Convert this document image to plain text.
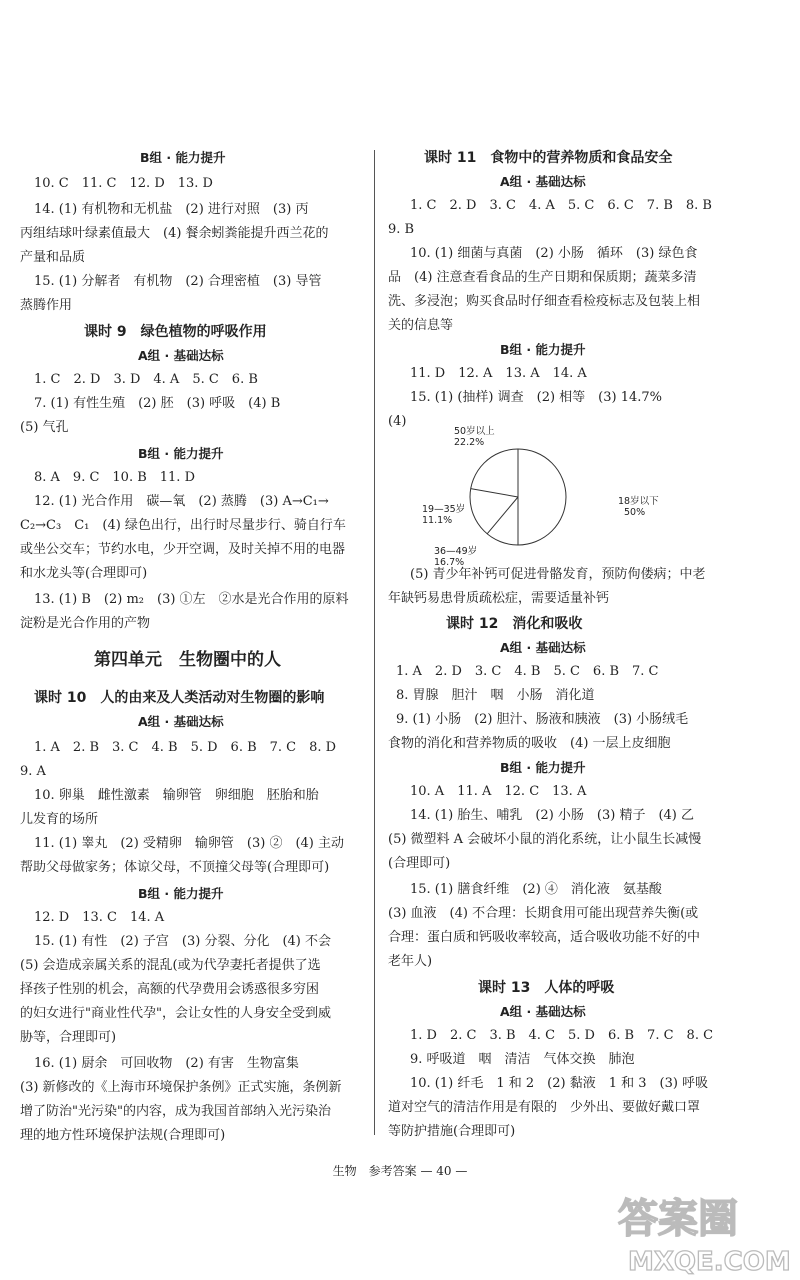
B组 · 能力提升
10. C　11. C　12. D　13. D
14. (1) 有机物和无机盐　(2) 进行对照　(3) 丙
丙组结球叶绿素值最大　(4) 餐余蚓粪能提升西兰花的
产量和品质
15. (1) 分解者　有机物　(2) 合理密植　(3) 导管
蒸腾作用
课时 9　绿色植物的呼吸作用
A组 · 基础达标
1. C　2. D　3. D　4. A　5. C　6. B
7. (1) 有性生殖　(2) 胚　(3) 呼吸　(4) B
(5) 气孔
B组 · 能力提升
8. A　9. C　10. B　11. D
12. (1) 光合作用　碳—氧　(2) 蒸腾　(3) A→C₁→
C₂→C₃　C₁　(4) 绿色出行，出行时尽量步行、骑自行车
或坐公交车；节约水电，少开空调，及时关掉不用的电器
和水龙头等(合理即可)
13. (1) B　(2) m₂　(3) ①左　②水是光合作用的原料
淀粉是光合作用的产物
第四单元　生物圈中的人
课时 10　人的由来及人类活动对生物圈的影响
A组 · 基础达标
1. A　2. B　3. C　4. B　5. D　6. B　7. C　8. D
9. A
10. 卵巢　雌性激素　输卵管　卵细胞　胚胎和胎
儿发育的场所
11. (1) 睾丸　(2) 受精卵　输卵管　(3) ②　(4) 主动
帮助父母做家务；体谅父母，不顶撞父母等(合理即可)
B组 · 能力提升
12. D　13. C　14. A
15. (1) 有性　(2) 子宫　(3) 分裂、分化　(4) 不会
(5) 会造成亲属关系的混乱(或为代孕妻托者提供了选
择孩子性别的机会，高额的代孕费用会诱惑很多穷困
的妇女进行"商业性代孕"，会让女性的人身安全受到威
胁等，合理即可)
16. (1) 厨余　可回收物　(2) 有害　生物富集
(3) 新修改的《上海市环境保护条例》正式实施，条例新
增了防治"光污染"的内容，成为我国首部纳入光污染治
理的地方性环境保护法规(合理即可)
课时 11　食物中的营养物质和食品安全
A组 · 基础达标
1. C　2. D　3. C　4. A　5. C　6. C　7. B　8. B
9. B
10. (1) 细菌与真菌　(2) 小肠　循环　(3) 绿色食
品　(4) 注意查看食品的生产日期和保质期；蔬菜多清
洗、多浸泡；购买食品时仔细查看检疫标志及包装上相
关的信息等
B组 · 能力提升
11. D　12. A　13. A　14. A
15. (1) (抽样) 调查　(2) 相等　(3) 14.7%
(4)
18岁以下 50%
19—35岁 11.1%
36—49岁 16.7%
50岁以上 22.2%
(5) 青少年补钙可促进骨骼发育，预防佝偻病；中老
年缺钙易患骨质疏松症，需要适量补钙
课时 12　消化和吸收
A组 · 基础达标
1. A　2. D　3. C　4. B　5. C　6. B　7. C
8. 胃腺　胆汁　咽　小肠　消化道
9. (1) 小肠　(2) 胆汁、肠液和胰液　(3) 小肠绒毛
食物的消化和营养物质的吸收　(4) 一层上皮细胞
B组 · 能力提升
10. A　11. A　12. C　13. A
14. (1) 胎生、哺乳　(2) 小肠　(3) 精子　(4) 乙
(5) 微塑料 A 会破坏小鼠的消化系统，让小鼠生长减慢
(合理即可)
15. (1) 膳食纤维　(2) ④　消化液　氨基酸
(3) 血液　(4) 不合理：长期食用可能出现营养失衡(或
合理：蛋白质和钙吸收率较高，适合吸收功能不好的中
老年人)
课时 13　人体的呼吸
A组 · 基础达标
1. D　2. C　3. B　4. C　5. D　6. B　7. C　8. C
9. 呼吸道　咽　清洁　气体交换　肺泡
10. (1) 纤毛　1 和 2　(2) 黏液　1 和 3　(3) 呼吸
道对空气的清洁作用是有限的　少外出、要做好戴口罩
等防护措施(合理即可)
生物　参考答案 — 40 —
答案圈
MXQE.COM
